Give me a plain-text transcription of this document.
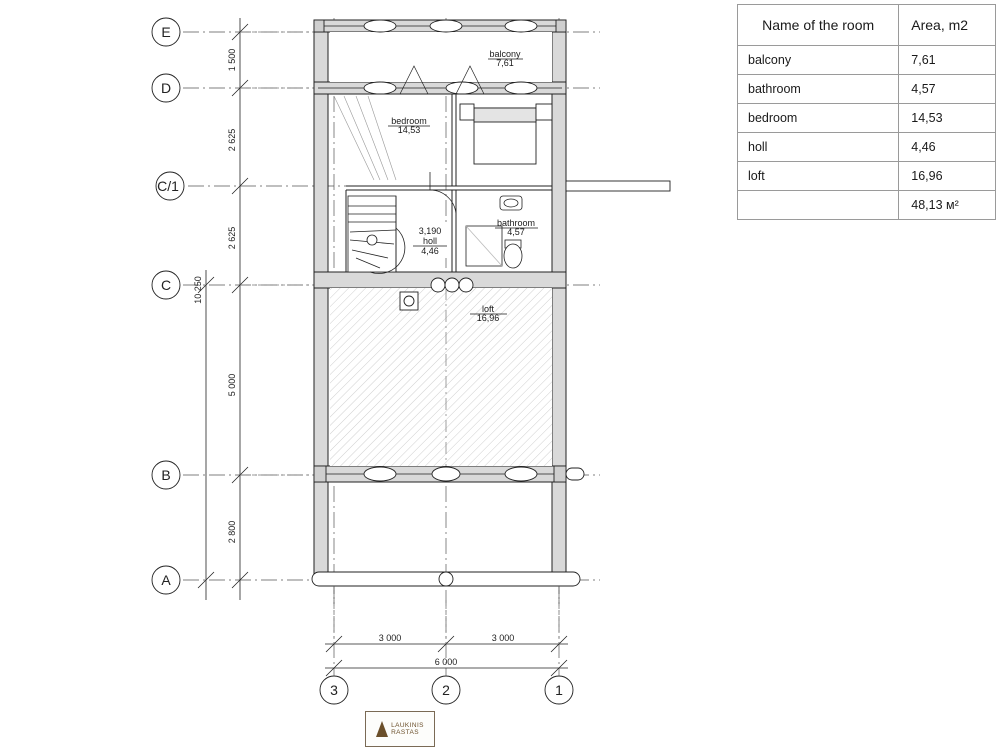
Name of the room	Area, m2
balcony	7,61
bathroom	4,57
bedroom	14,53
holl	4,46
loft	16,96
	48,13 м²
E
D
C/1
C
B
A
3	2	1
1 500
2 625
2 625
5 000
2 800
10 250
3 000	3 000
6 000
balcony
7,61
bedroom
14,53
bathroom
4,57
3,190
holl
4,46
loft
16,96
LAUKINIS
RASTAS
